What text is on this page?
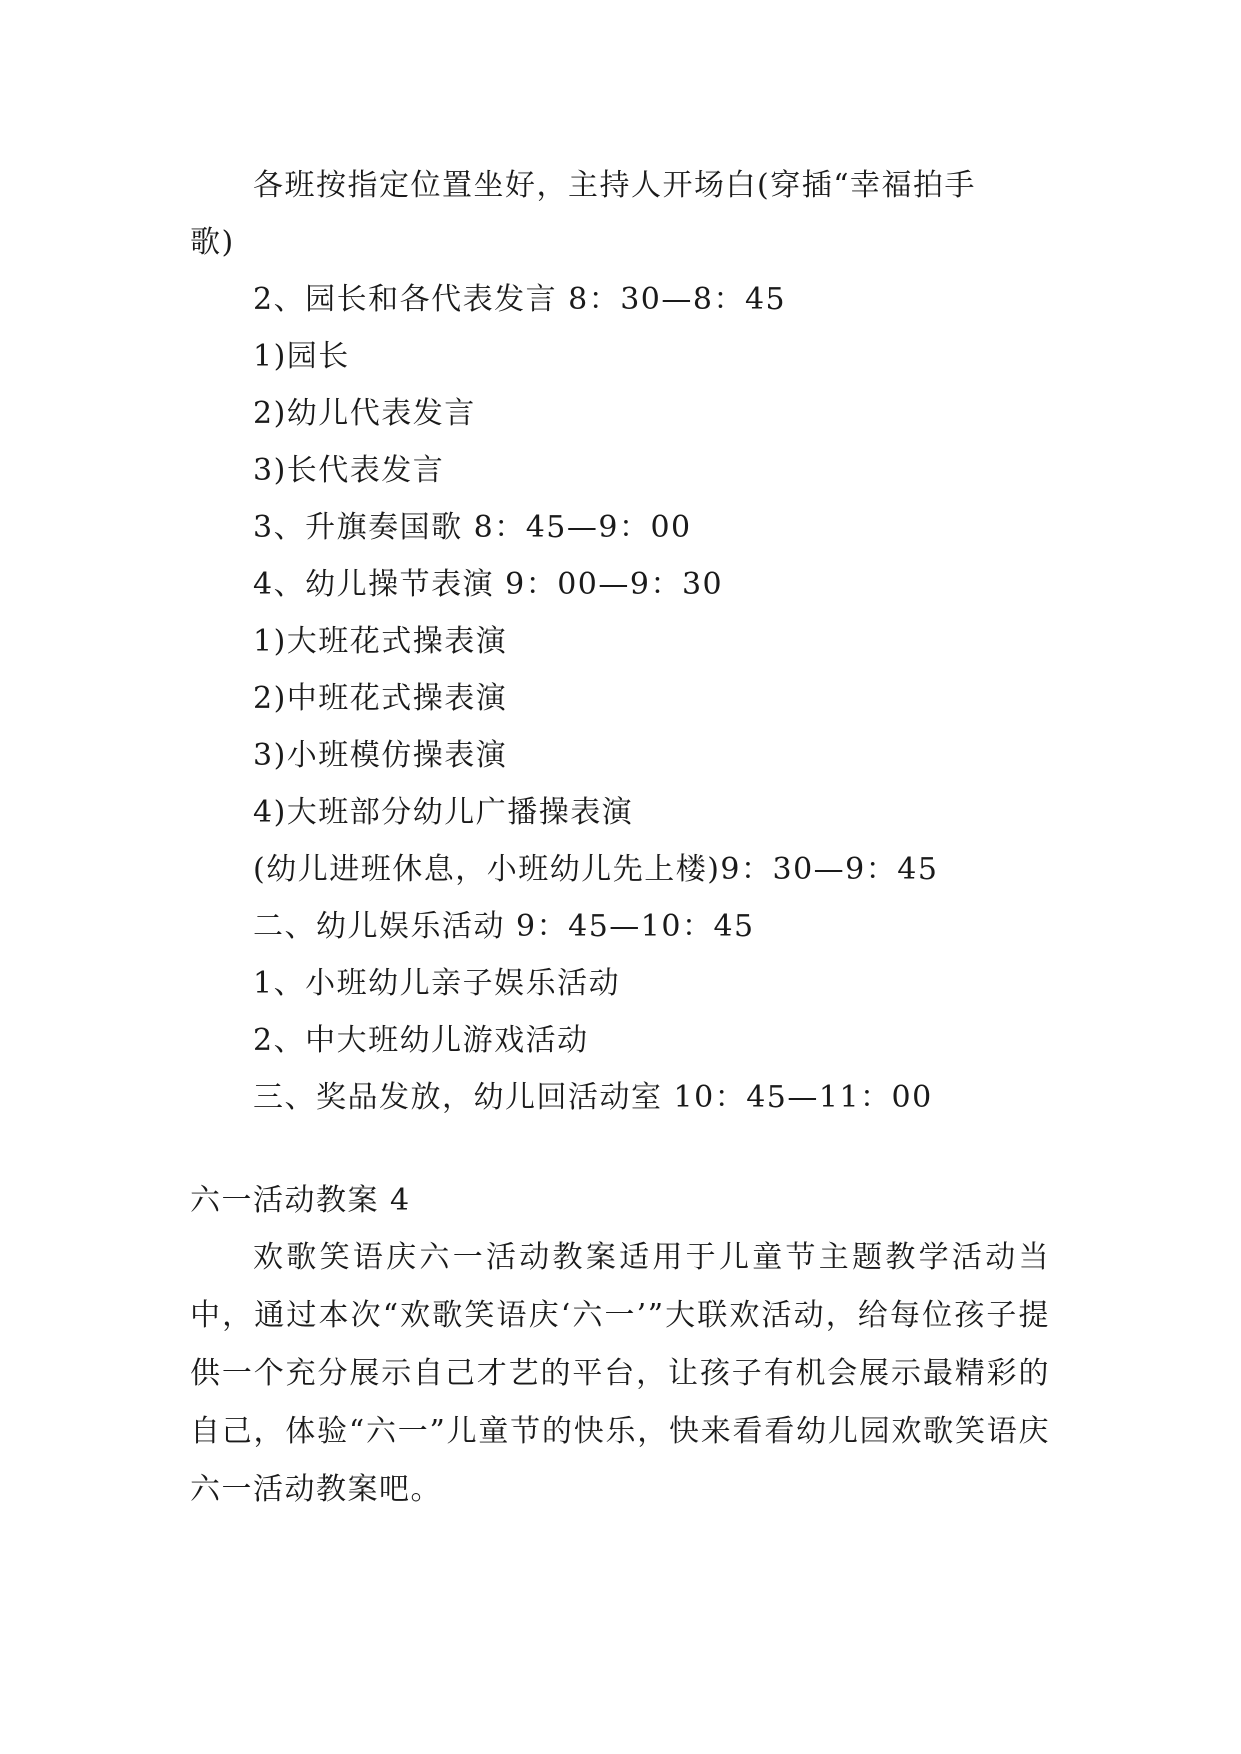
各班按指定位置坐好，主持人开场白(穿插“幸福拍手
歌)
2、园长和各代表发言 8：30—8：45
1)园长
2)幼儿代表发言
3)长代表发言
3、升旗奏国歌 8：45—9：00
4、幼儿操节表演 9：00—9：30
1)大班花式操表演
2)中班花式操表演
3)小班模仿操表演
4)大班部分幼儿广播操表演
(幼儿进班休息，小班幼儿先上楼)9：30—9：45
二、幼儿娱乐活动 9：45—10：45
1、小班幼儿亲子娱乐活动
2、中大班幼儿游戏活动
三、奖品发放，幼儿回活动室 10：45—11：00
六一活动教案 4
欢歌笑语庆六一活动教案适用于儿童节主题教学活动当中，通过本次“欢歌笑语庆‘六一’”大联欢活动，给每位孩子提供一个充分展示自己才艺的平台，让孩子有机会展示最精彩的自己，体验“六一”儿童节的快乐，快来看看幼儿园欢歌笑语庆六一活动教案吧。
